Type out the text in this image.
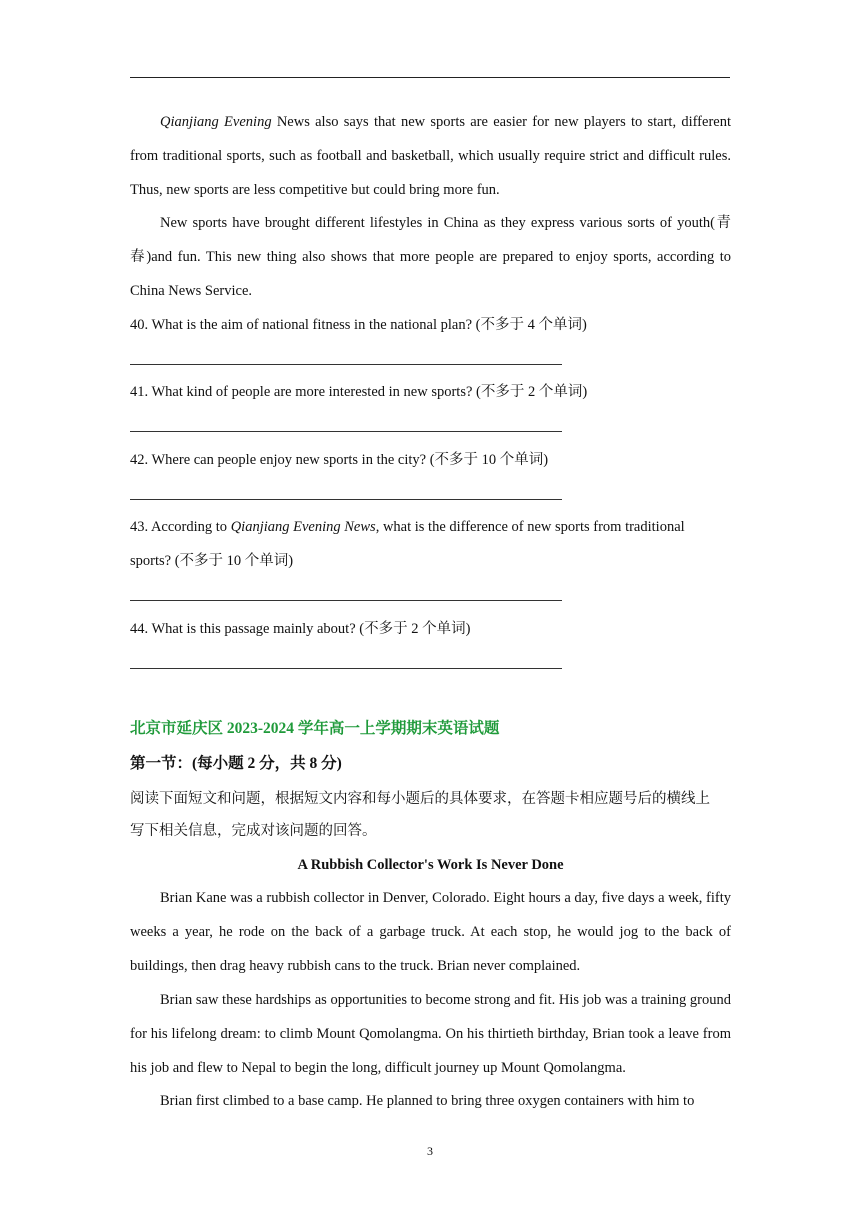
Qianjiang Evening News also says that new sports are easier for new players to start, different from traditional sports, such as football and basketball, which usually require strict and difficult rules. Thus, new sports are less competitive but could bring more fun.

New sports have brought different lifestyles in China as they express various sorts of youth(青春)and fun. This new thing also shows that more people are prepared to enjoy sports, according to China News Service.

40. What is the aim of national fitness in the national plan? (不多于 4 个单词)

41. What kind of people are more interested in new sports? (不多于 2 个单词)

42. Where can people enjoy new sports in the city? (不多于 10 个单词)

43. According to Qianjiang Evening News, what is the difference of new sports from traditional

sports? (不多于 10 个单词)

44. What is this passage mainly about? (不多于 2 个单词)

北京市延庆区 2023-2024 学年高一上学期期末英语试题

第一节：(每小题 2 分，共 8 分)

阅读下面短文和问题，根据短文内容和每小题后的具体要求，在答题卡相应题号后的横线上

写下相关信息，完成对该问题的回答。

A Rubbish Collector's Work Is Never Done

Brian Kane was a rubbish collector in Denver, Colorado. Eight hours a day, five days a week, fifty weeks a year, he rode on the back of a garbage truck. At each stop, he would jog to the back of buildings, then drag heavy rubbish cans to the truck. Brian never complained.

Brian saw these hardships as opportunities to become strong and fit. His job was a training ground for his lifelong dream: to climb Mount Qomolangma. On his thirtieth birthday, Brian took a leave from his job and flew to Nepal to begin the long, difficult journey up Mount Qomolangma.

Brian first climbed to a base camp. He planned to bring three oxygen containers with him to

3
